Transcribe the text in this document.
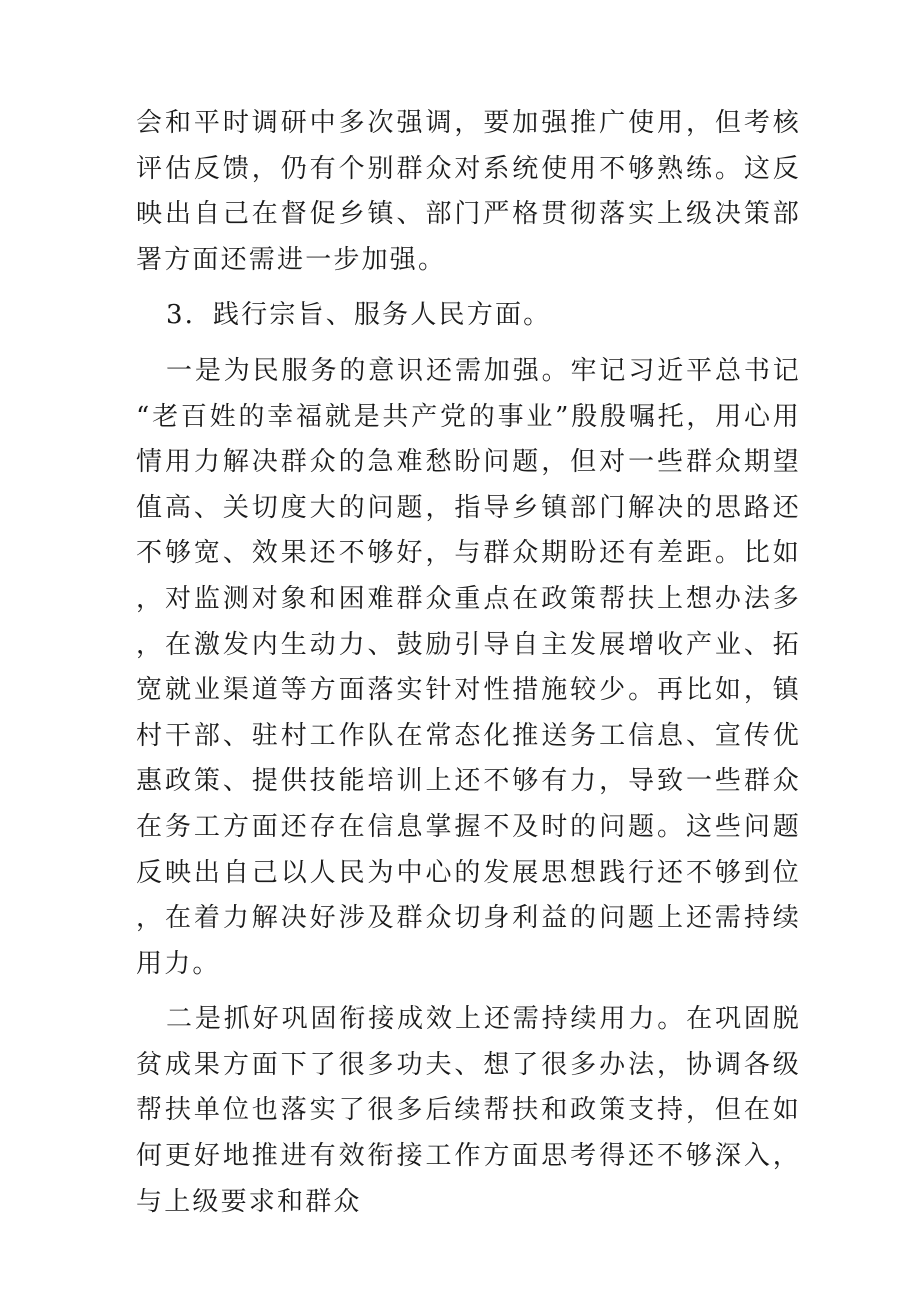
会和平时调研中多次强调，要加强推广使用，但考核评估反馈，仍有个别群众对系统使用不够熟练。这反映出自己在督促乡镇、部门严格贯彻落实上级决策部署方面还需进一步加强。

3．践行宗旨、服务人民方面。

一是为民服务的意识还需加强。牢记习近平总书记“老百姓的幸福就是共产党的事业”殷殷嘱托，用心用情用力解决群众的急难愁盼问题，但对一些群众期望值高、关切度大的问题，指导乡镇部门解决的思路还不够宽、效果还不够好，与群众期盼还有差距。比如，对监测对象和困难群众重点在政策帮扶上想办法多，在激发内生动力、鼓励引导自主发展增收产业、拓宽就业渠道等方面落实针对性措施较少。再比如，镇村干部、驻村工作队在常态化推送务工信息、宣传优惠政策、提供技能培训上还不够有力，导致一些群众在务工方面还存在信息掌握不及时的问题。这些问题反映出自己以人民为中心的发展思想践行还不够到位，在着力解决好涉及群众切身利益的问题上还需持续用力。

二是抓好巩固衔接成效上还需持续用力。在巩固脱贫成果方面下了很多功夫、想了很多办法，协调各级帮扶单位也落实了很多后续帮扶和政策支持，但在如何更好地推进有效衔接工作方面思考得还不够深入，与上级要求和群众
